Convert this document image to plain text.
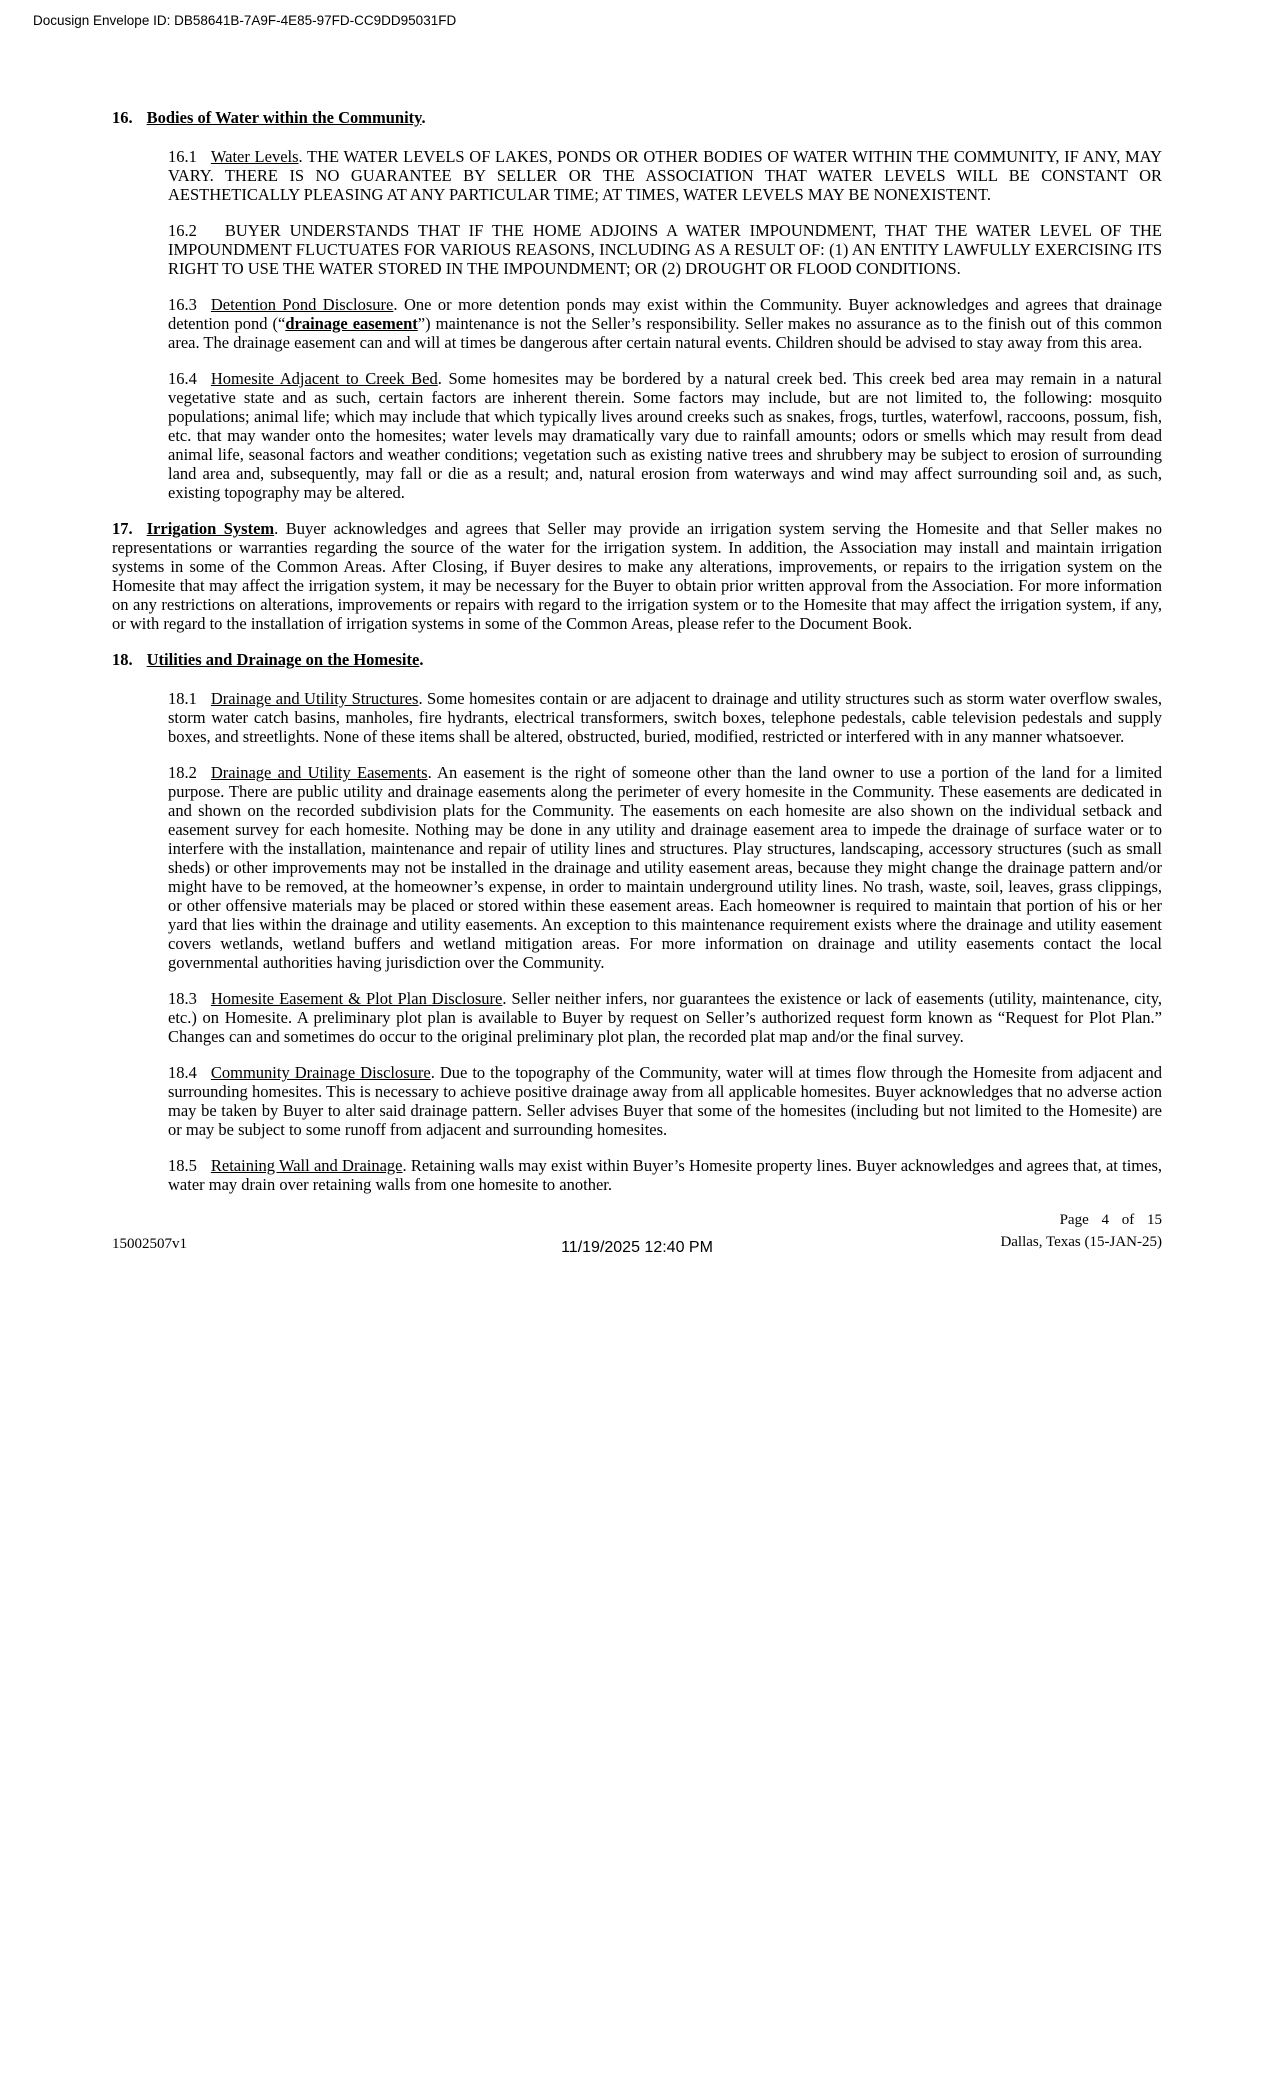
Docusign Envelope ID: DB58641B-7A9F-4E85-97FD-CC9DD95031FD

16. Bodies of Water within the Community.

16.1 Water Levels. THE WATER LEVELS OF LAKES, PONDS OR OTHER BODIES OF WATER WITHIN THE COMMUNITY, IF ANY, MAY VARY. THERE IS NO GUARANTEE BY SELLER OR THE ASSOCIATION THAT WATER LEVELS WILL BE CONSTANT OR AESTHETICALLY PLEASING AT ANY PARTICULAR TIME; AT TIMES, WATER LEVELS MAY BE NONEXISTENT.

16.2 BUYER UNDERSTANDS THAT IF THE HOME ADJOINS A WATER IMPOUNDMENT, THAT THE WATER LEVEL OF THE IMPOUNDMENT FLUCTUATES FOR VARIOUS REASONS, INCLUDING AS A RESULT OF: (1) AN ENTITY LAWFULLY EXERCISING ITS RIGHT TO USE THE WATER STORED IN THE IMPOUNDMENT; OR (2) DROUGHT OR FLOOD CONDITIONS.

16.3 Detention Pond Disclosure. One or more detention ponds may exist within the Community. Buyer acknowledges and agrees that drainage detention pond (“drainage easement”) maintenance is not the Seller’s responsibility. Seller makes no assurance as to the finish out of this common area. The drainage easement can and will at times be dangerous after certain natural events. Children should be advised to stay away from this area.

16.4 Homesite Adjacent to Creek Bed. Some homesites may be bordered by a natural creek bed. This creek bed area may remain in a natural vegetative state and as such, certain factors are inherent therein. Some factors may include, but are not limited to, the following: mosquito populations; animal life; which may include that which typically lives around creeks such as snakes, frogs, turtles, waterfowl, raccoons, possum, fish, etc. that may wander onto the homesites; water levels may dramatically vary due to rainfall amounts; odors or smells which may result from dead animal life, seasonal factors and weather conditions; vegetation such as existing native trees and shrubbery may be subject to erosion of surrounding land area and, subsequently, may fall or die as a result; and, natural erosion from waterways and wind may affect surrounding soil and, as such, existing topography may be altered.

17. Irrigation System. Buyer acknowledges and agrees that Seller may provide an irrigation system serving the Homesite and that Seller makes no representations or warranties regarding the source of the water for the irrigation system. In addition, the Association may install and maintain irrigation systems in some of the Common Areas. After Closing, if Buyer desires to make any alterations, improvements, or repairs to the irrigation system on the Homesite that may affect the irrigation system, it may be necessary for the Buyer to obtain prior written approval from the Association. For more information on any restrictions on alterations, improvements or repairs with regard to the irrigation system or to the Homesite that may affect the irrigation system, if any, or with regard to the installation of irrigation systems in some of the Common Areas, please refer to the Document Book.

18. Utilities and Drainage on the Homesite.

18.1 Drainage and Utility Structures. Some homesites contain or are adjacent to drainage and utility structures such as storm water overflow swales, storm water catch basins, manholes, fire hydrants, electrical transformers, switch boxes, telephone pedestals, cable television pedestals and supply boxes, and streetlights. None of these items shall be altered, obstructed, buried, modified, restricted or interfered with in any manner whatsoever.

18.2 Drainage and Utility Easements. An easement is the right of someone other than the land owner to use a portion of the land for a limited purpose. There are public utility and drainage easements along the perimeter of every homesite in the Community. These easements are dedicated in and shown on the recorded subdivision plats for the Community. The easements on each homesite are also shown on the individual setback and easement survey for each homesite. Nothing may be done in any utility and drainage easement area to impede the drainage of surface water or to interfere with the installation, maintenance and repair of utility lines and structures. Play structures, landscaping, accessory structures (such as small sheds) or other improvements may not be installed in the drainage and utility easement areas, because they might change the drainage pattern and/or might have to be removed, at the homeowner’s expense, in order to maintain underground utility lines. No trash, waste, soil, leaves, grass clippings, or other offensive materials may be placed or stored within these easement areas. Each homeowner is required to maintain that portion of his or her yard that lies within the drainage and utility easements. An exception to this maintenance requirement exists where the drainage and utility easement covers wetlands, wetland buffers and wetland mitigation areas. For more information on drainage and utility easements contact the local governmental authorities having jurisdiction over the Community.

18.3 Homesite Easement & Plot Plan Disclosure. Seller neither infers, nor guarantees the existence or lack of easements (utility, maintenance, city, etc.) on Homesite. A preliminary plot plan is available to Buyer by request on Seller’s authorized request form known as “Request for Plot Plan.” Changes can and sometimes do occur to the original preliminary plot plan, the recorded plat map and/or the final survey.

18.4 Community Drainage Disclosure. Due to the topography of the Community, water will at times flow through the Homesite from adjacent and surrounding homesites. This is necessary to achieve positive drainage away from all applicable homesites. Buyer acknowledges that no adverse action may be taken by Buyer to alter said drainage pattern. Seller advises Buyer that some of the homesites (including but not limited to the Homesite) are or may be subject to some runoff from adjacent and surrounding homesites.

18.5 Retaining Wall and Drainage. Retaining walls may exist within Buyer’s Homesite property lines. Buyer acknowledges and agrees that, at times, water may drain over retaining walls from one homesite to another.

Page 4 of 15
15002507v1	11/19/2025 12:40 PM	Dallas, Texas (15-JAN-25)
